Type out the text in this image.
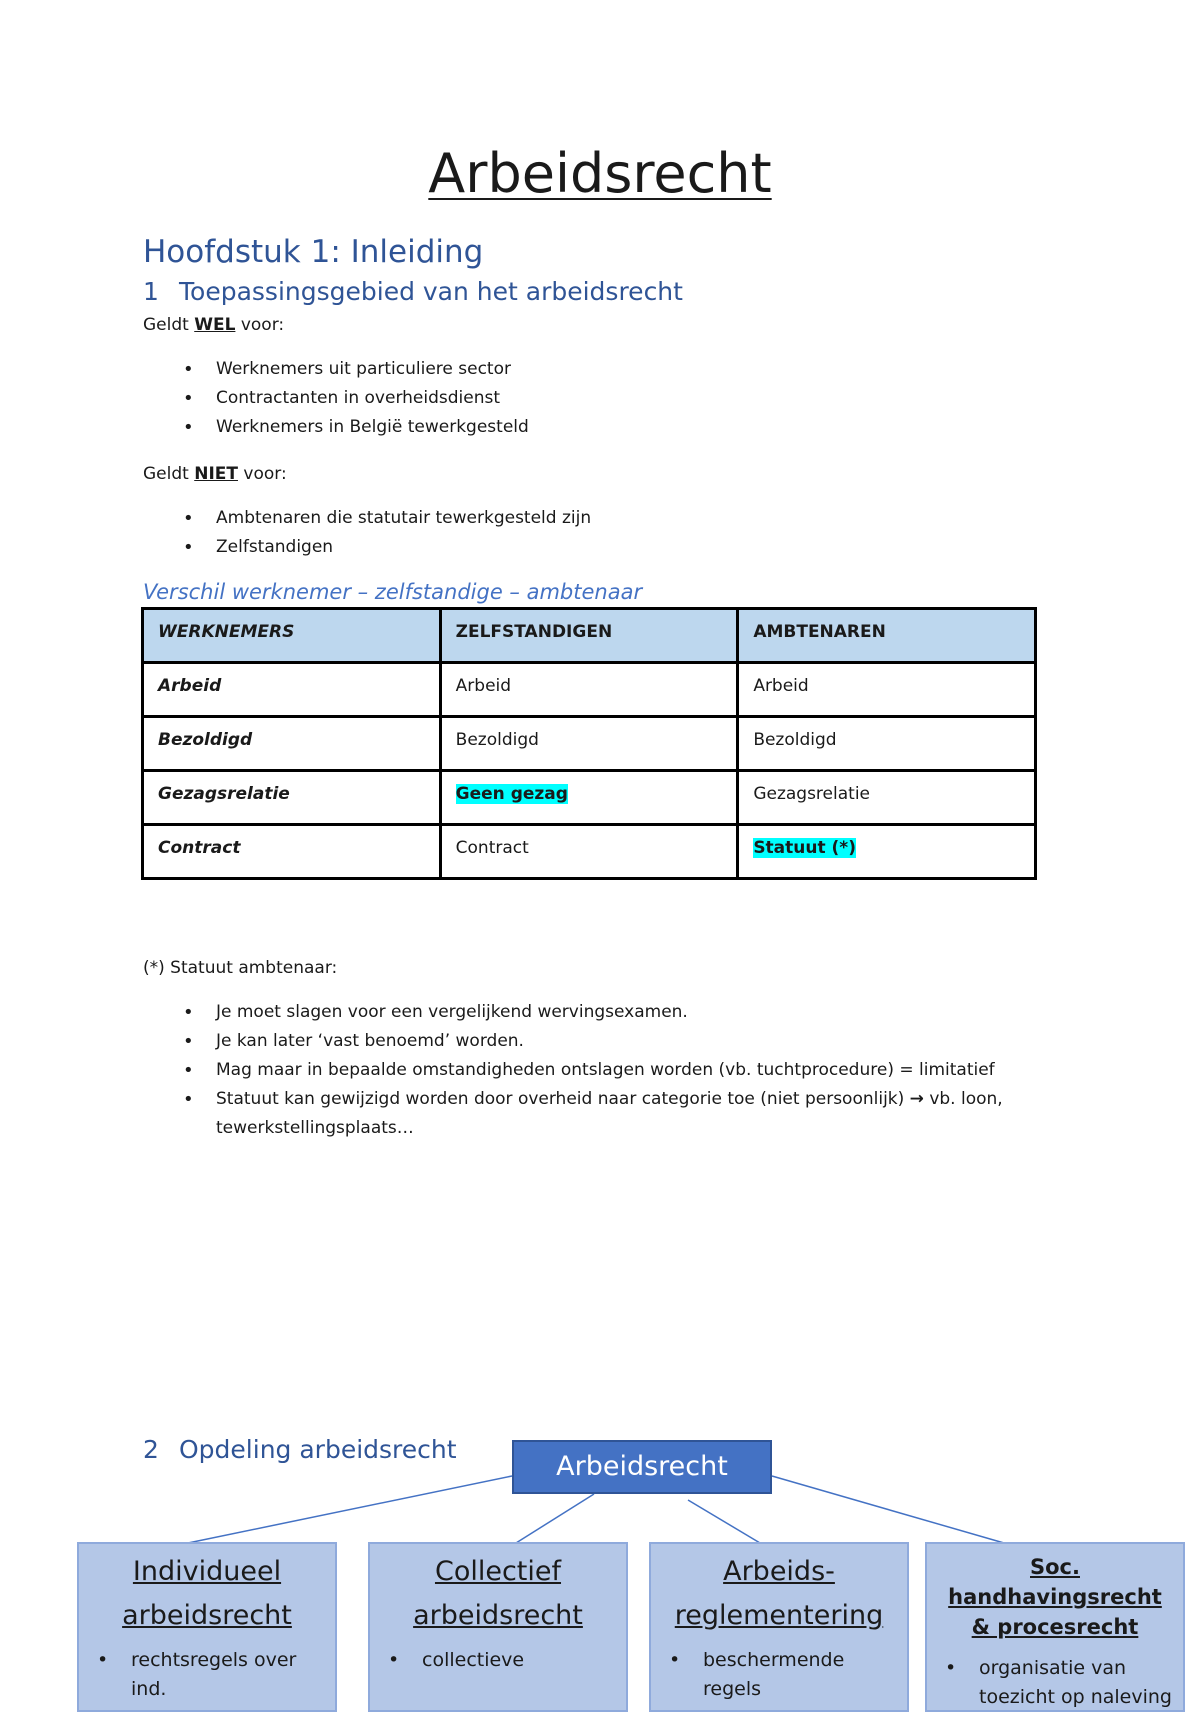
Arbeidsrecht
Hoofdstuk 1: Inleiding
1 Toepassingsgebied van het arbeidsrecht
Geldt WEL voor:
• Werknemers uit particuliere sector
• Contractanten in overheidsdienst
• Werknemers in België tewerkgesteld
Geldt NIET voor:
• Ambtenaren die statutair tewerkgesteld zijn
• Zelfstandigen
Verschil werknemer – zelfstandige – ambtenaar
WERKNEMERS	ZELFSTANDIGEN	AMBTENAREN
Arbeid	Arbeid	Arbeid
Bezoldigd	Bezoldigd	Bezoldigd
Gezagsrelatie	Geen gezag	Gezagsrelatie
Contract	Contract	Statuut (*)
(*) Statuut ambtenaar:
• Je moet slagen voor een vergelijkend wervingsexamen.
• Je kan later ‘vast benoemd’ worden.
• Mag maar in bepaalde omstandigheden ontslagen worden (vb. tuchtprocedure) = limitatief
• Statuut kan gewijzigd worden door overheid naar categorie toe (niet persoonlijk) → vb. loon, tewerkstellingsplaats…
2 Opdeling arbeidsrecht
Arbeidsrecht
Individueel
arbeidsrecht
• rechtsregels over ind.
Collectief
arbeidsrecht
• collectieve
Arbeids-
reglementering
• beschermende regels
Soc. handhavingsrecht
& procesrecht
• organisatie van toezicht op naleving
